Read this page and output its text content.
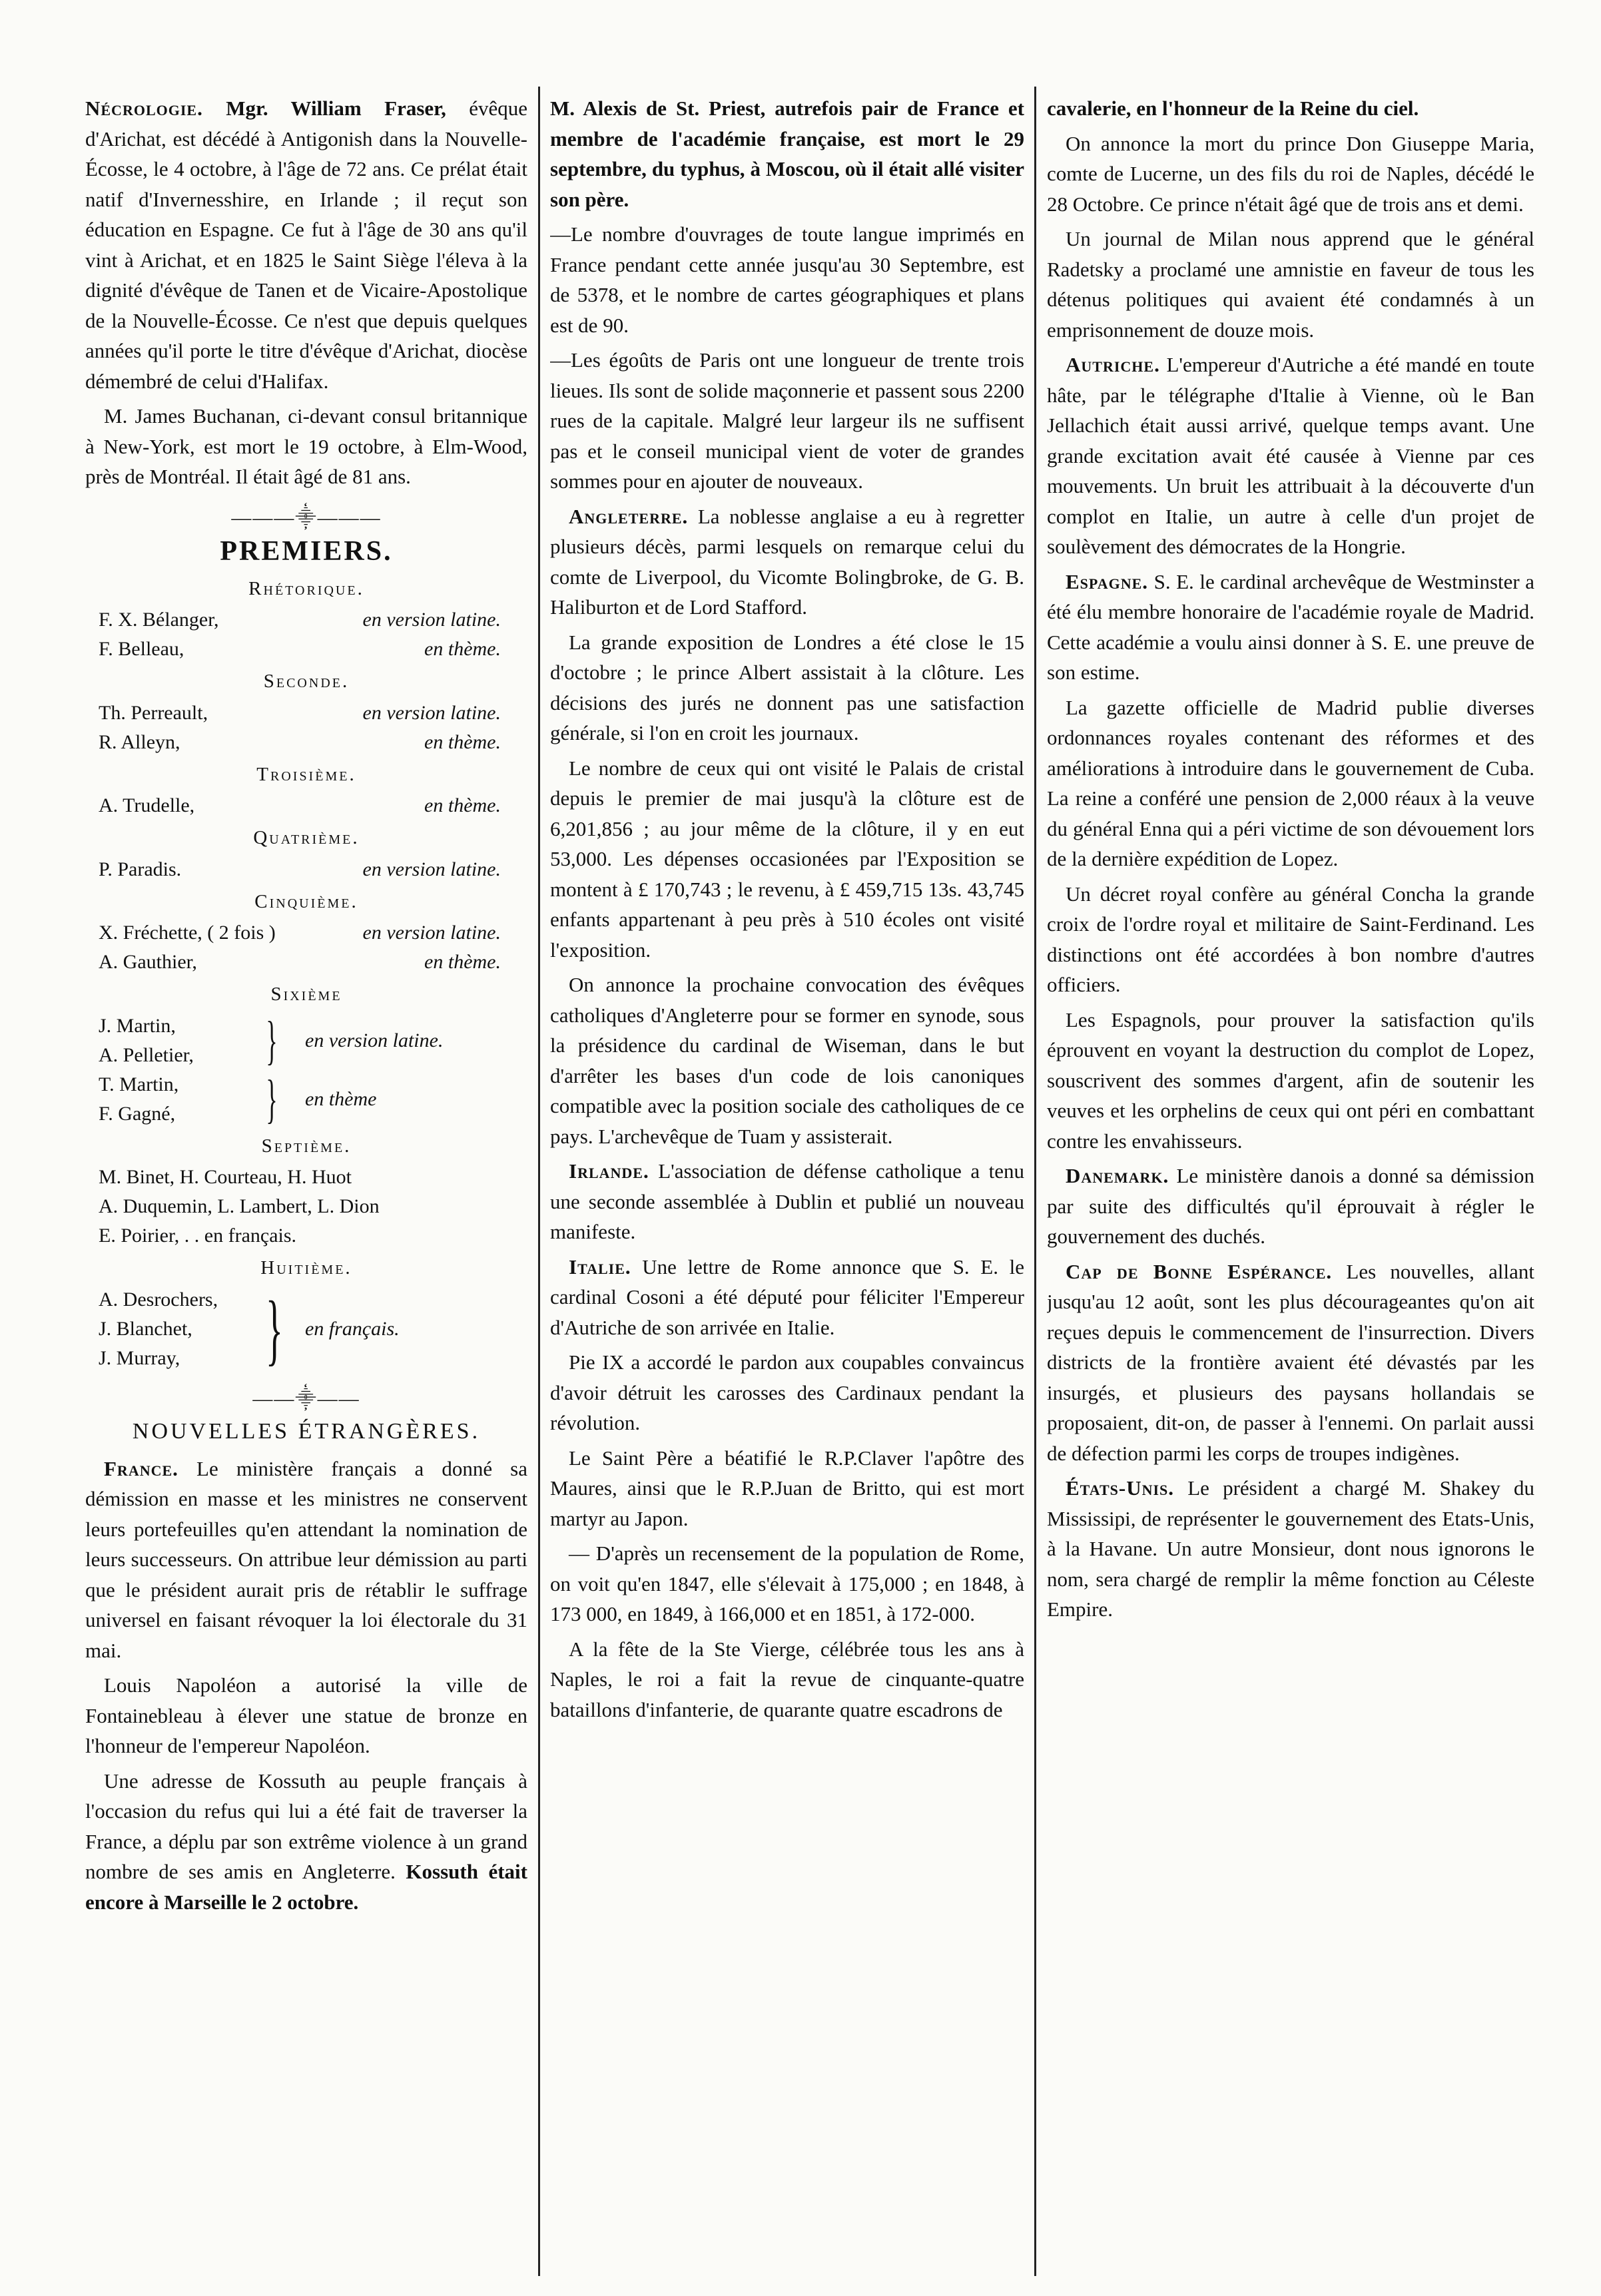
Nécrologie. Mgr. William Fraser, évêque d'Arichat, est décédé à Antigonish dans la Nouvelle-Écosse, le 4 octobre, à l'âge de 72 ans. Ce prélat était natif d'Invernesshire, en Irlande ; il reçut son éducation en Espagne. Ce fut à l'âge de 30 ans qu'il vint à Arichat, et en 1825 le Saint Siège l'éleva à la dignité d'évêque de Tanen et de Vicaire-Apostolique de la Nouvelle-Écosse. Ce n'est que depuis quelques années qu'il porte le titre d'évêque d'Arichat, diocèse démembré de celui d'Halifax.

M. James Buchanan, ci-devant consul britannique à New-York, est mort le 19 octobre, à Elm-Wood, près de Montréal. Il était âgé de 81 ans.

———⸎———
PREMIERS.
Rhétorique.
F. X. Bélanger,	en version latine.
F. Belleau,	en thème.
Seconde.
Th. Perreault,	en version latine.
R. Alleyn,	en thème.
Troisième.
A. Trudelle,	en thème.
Quatrième.
P. Paradis.	en version latine.
Cinquième.
X. Fréchette, ( 2 fois )	en version latine.
A. Gauthier,	en thème.
Sixième
J. Martin,
A. Pelletier,	}	en version latine.
T. Martin,
F. Gagné,	}	en thème
Septième.
M. Binet, H. Courteau, H. Huot
A. Duquemin, L. Lambert, L. Dion
E. Poirier, . . en français.
Huitième.
A. Desrochers,
J. Blanchet,
J. Murray,	}	en français.
——⸎——
NOUVELLES ÉTRANGÈRES.

France. Le ministère français a donné sa démission en masse et les ministres ne conservent leurs portefeuilles qu'en attendant la nomination de leurs successeurs. On attribue leur démission au parti que le président aurait pris de rétablir le suffrage universel en faisant révoquer la loi électorale du 31 mai.

Louis Napoléon a autorisé la ville de Fontainebleau à élever une statue de bronze en l'honneur de l'empereur Napoléon.

Une adresse de Kossuth au peuple français à l'occasion du refus qui lui a été fait de traverser la France, a déplu par son extrême violence à un grand nombre de ses amis en Angleterre. Kossuth était encore à Marseille le 2 octobre.

M. Alexis de St. Priest, autrefois pair de France et membre de l'académie française, est mort le 29 septembre, du typhus, à Moscou, où il était allé visiter son père.

—Le nombre d'ouvrages de toute langue imprimés en France pendant cette année jusqu'au 30 Septembre, est de 5378, et le nombre de cartes géographiques et plans est de 90.

—Les égoûts de Paris ont une longueur de trente trois lieues. Ils sont de solide maçonnerie et passent sous 2200 rues de la capitale. Malgré leur largeur ils ne suffisent pas et le conseil municipal vient de voter de grandes sommes pour en ajouter de nouveaux.

Angleterre. La noblesse anglaise a eu à regretter plusieurs décès, parmi lesquels on remarque celui du comte de Liverpool, du Vicomte Bolingbroke, de G. B. Haliburton et de Lord Stafford.

La grande exposition de Londres a été close le 15 d'octobre ; le prince Albert assistait à la clôture. Les décisions des jurés ne donnent pas une satisfaction générale, si l'on en croit les journaux.

Le nombre de ceux qui ont visité le Palais de cristal depuis le premier de mai jusqu'à la clôture est de 6,201,856 ; au jour même de la clôture, il y en eut 53,000. Les dépenses occasionées par l'Exposition se montent à £ 170,743 ; le revenu, à £ 459,715 13s. 43,745 enfants appartenant à peu près à 510 écoles ont visité l'exposition.

On annonce la prochaine convocation des évêques catholiques d'Angleterre pour se former en synode, sous la présidence du cardinal de Wiseman, dans le but d'arrêter les bases d'un code de lois canoniques compatible avec la position sociale des catholiques de ce pays. L'archevêque de Tuam y assisterait.

Irlande. L'association de défense catholique a tenu une seconde assemblée à Dublin et publié un nouveau manifeste.

Italie. Une lettre de Rome annonce que S. E. le cardinal Cosoni a été député pour féliciter l'Empereur d'Autriche de son arrivée en Italie.

Pie IX a accordé le pardon aux coupables convaincus d'avoir détruit les carosses des Cardinaux pendant la révolution.

Le Saint Père a béatifié le R.P.Claver l'apôtre des Maures, ainsi que le R.P.Juan de Britto, qui est mort martyr au Japon.

— D'après un recensement de la population de Rome, on voit qu'en 1847, elle s'élevait à 175,000 ; en 1848, à 173 000, en 1849, à 166,000 et en 1851, à 172-000.

A la fête de la Ste Vierge, célébrée tous les ans à Naples, le roi a fait la revue de cinquante-quatre bataillons d'infanterie, de quarante quatre escadrons de

cavalerie, en l'honneur de la Reine du ciel.

On annonce la mort du prince Don Giuseppe Maria, comte de Lucerne, un des fils du roi de Naples, décédé le 28 Octobre. Ce prince n'était âgé que de trois ans et demi.

Un journal de Milan nous apprend que le général Radetsky a proclamé une amnistie en faveur de tous les détenus politiques qui avaient été condamnés à un emprisonnement de douze mois.

Autriche. L'empereur d'Autriche a été mandé en toute hâte, par le télégraphe d'Italie à Vienne, où le Ban Jellachich était aussi arrivé, quelque temps avant. Une grande excitation avait été causée à Vienne par ces mouvements. Un bruit les attribuait à la découverte d'un complot en Italie, un autre à celle d'un projet de soulèvement des démocrates de la Hongrie.

Espagne. S. E. le cardinal archevêque de Westminster a été élu membre honoraire de l'académie royale de Madrid. Cette académie a voulu ainsi donner à S. E. une preuve de son estime.

La gazette officielle de Madrid publie diverses ordonnances royales contenant des réformes et des améliorations à introduire dans le gouvernement de Cuba. La reine a conféré une pension de 2,000 réaux à la veuve du général Enna qui a péri victime de son dévouement lors de la dernière expédition de Lopez.

Un décret royal confère au général Concha la grande croix de l'ordre royal et militaire de Saint-Ferdinand. Les distinctions ont été accordées à bon nombre d'autres officiers.

Les Espagnols, pour prouver la satisfaction qu'ils éprouvent en voyant la destruction du complot de Lopez, souscrivent des sommes d'argent, afin de soutenir les veuves et les orphelins de ceux qui ont péri en combattant contre les envahisseurs.

Danemark. Le ministère danois a donné sa démission par suite des difficultés qu'il éprouvait à régler le gouvernement des duchés.

Cap de Bonne Espérance. Les nouvelles, allant jusqu'au 12 août, sont les plus décourageantes qu'on ait reçues depuis le commencement de l'insurrection. Divers districts de la frontière avaient été dévastés par les insurgés, et plusieurs des paysans hollandais se proposaient, dit-on, de passer à l'ennemi. On parlait aussi de défection parmi les corps de troupes indigènes.

États-Unis. Le président a chargé M. Shakey du Mississipi, de représenter le gouvernement des Etats-Unis, à la Havane. Un autre Monsieur, dont nous ignorons le nom, sera chargé de remplir la même fonction au Céleste Empire.
